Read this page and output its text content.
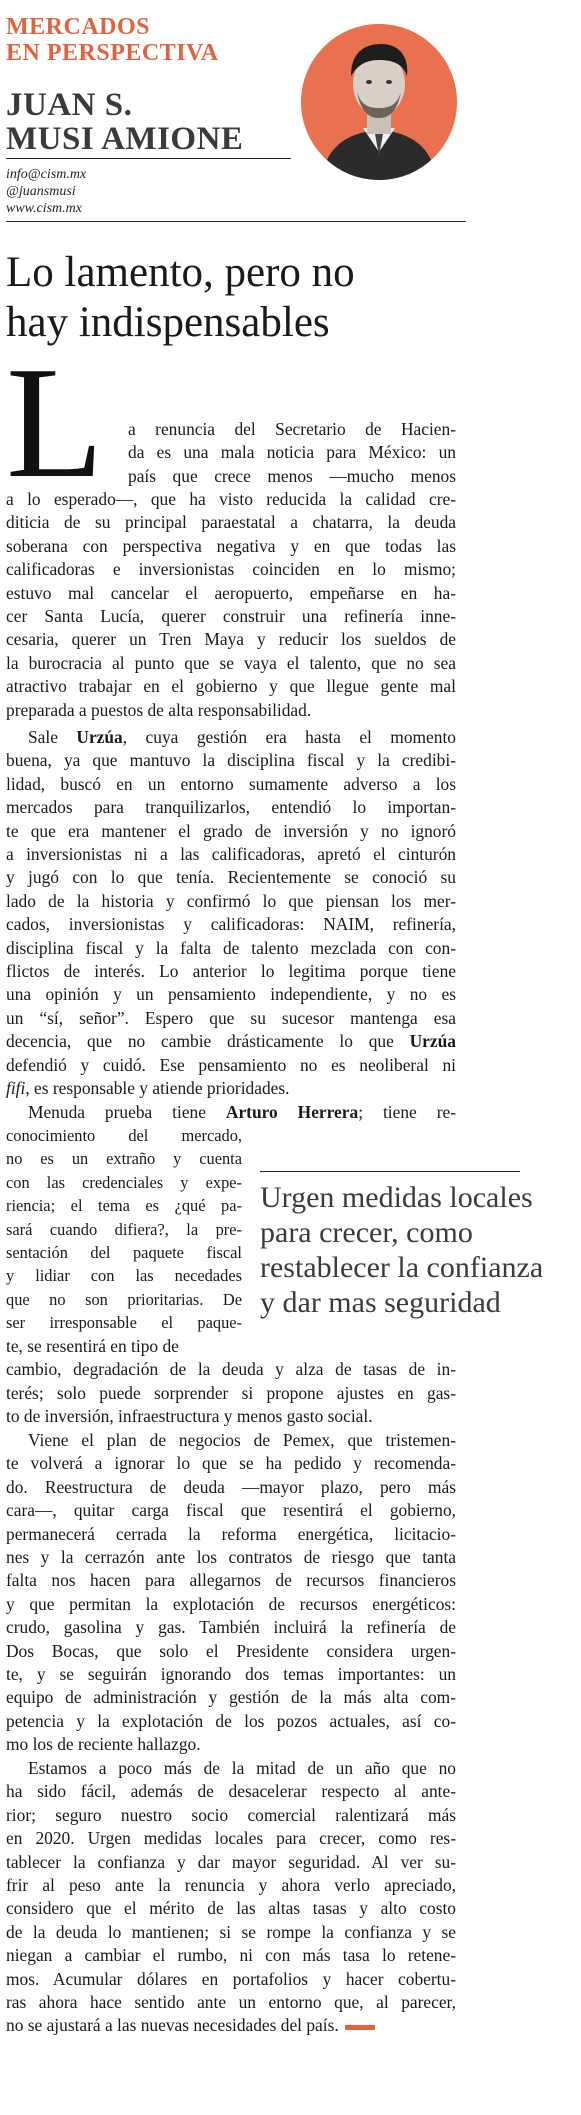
MERCADOS
EN PERSPECTIVA
JUAN S.
MUSI AMIONE
info@cism.mx
@juansmusi
www.cism.mx
Lo lamento, pero no
hay indispensables
L a renuncia del Secretario de Hacien-
da es una mala noticia para México: un
país que crece menos —mucho menos
a lo esperado—, que ha visto reducida la calidad cre-
diticia de su principal paraestatal a chatarra, la deuda
soberana con perspectiva negativa y en que todas las
calificadoras e inversionistas coinciden en lo mismo;
estuvo mal cancelar el aeropuerto, empeñarse en ha-
cer Santa Lucía, querer construir una refinería inne-
cesaria, querer un Tren Maya y reducir los sueldos de
la burocracia al punto que se vaya el talento, que no sea
atractivo trabajar en el gobierno y que llegue gente mal
preparada a puestos de alta responsabilidad.
Sale Urzúa, cuya gestión era hasta el momento
buena, ya que mantuvo la disciplina fiscal y la credibi-
lidad, buscó en un entorno sumamente adverso a los
mercados para tranquilizarlos, entendió lo importan-
te que era mantener el grado de inversión y no ignoró
a inversionistas ni a las calificadoras, apretó el cinturón
y jugó con lo que tenía. Recientemente se conoció su
lado de la historia y confirmó lo que piensan los mer-
cados, inversionistas y calificadoras: NAIM, refinería,
disciplina fiscal y la falta de talento mezclada con con-
flictos de interés. Lo anterior lo legitima porque tiene
una opinión y un pensamiento independiente, y no es
un “sí, señor”. Espero que su sucesor mantenga esa
decencia, que no cambie drásticamente lo que Urzúa
defendió y cuidó. Ese pensamiento no es neoliberal ni
fifi, es responsable y atiende prioridades.
Menuda prueba tiene Arturo Herrera; tiene re-
conocimiento del mercado,
no es un extraño y cuenta
con las credenciales y expe-
riencia; el tema es ¿qué pa-
sará cuando difiera?, la pre-
sentación del paquete fiscal
y lidiar con las necedades
que no son prioritarias. De
ser irresponsable el paque-
te, se resentirá en tipo de
cambio, degradación de la deuda y alza de tasas de in-
terés; solo puede sorprender si propone ajustes en gas-
to de inversión, infraestructura y menos gasto social.
Urgen medidas locales para crecer, como restablecer la confianza y dar mas seguridad
Viene el plan de negocios de Pemex, que tristemen-
te volverá a ignorar lo que se ha pedido y recomenda-
do. Reestructura de deuda —mayor plazo, pero más
cara—, quitar carga fiscal que resentirá el gobierno,
permanecerá cerrada la reforma energética, licitacio-
nes y la cerrazón ante los contratos de riesgo que tanta
falta nos hacen para allegarnos de recursos financieros
y que permitan la explotación de recursos energéticos:
crudo, gasolina y gas. También incluirá la refinería de
Dos Bocas, que solo el Presidente considera urgen-
te, y se seguirán ignorando dos temas importantes: un
equipo de administración y gestión de la más alta com-
petencia y la explotación de los pozos actuales, así co-
mo los de reciente hallazgo.
Estamos a poco más de la mitad de un año que no
ha sido fácil, además de desacelerar respecto al ante-
rior; seguro nuestro socio comercial ralentizará más
en 2020. Urgen medidas locales para crecer, como res-
tablecer la confianza y dar mayor seguridad. Al ver su-
frir al peso ante la renuncia y ahora verlo apreciado,
considero que el mérito de las altas tasas y alto costo
de la deuda lo mantienen; si se rompe la confianza y se
niegan a cambiar el rumbo, ni con más tasa lo retene-
mos. Acumular dólares en portafolios y hacer cobertu-
ras ahora hace sentido ante un entorno que, al parecer,
no se ajustará a las nuevas necesidades del país.
